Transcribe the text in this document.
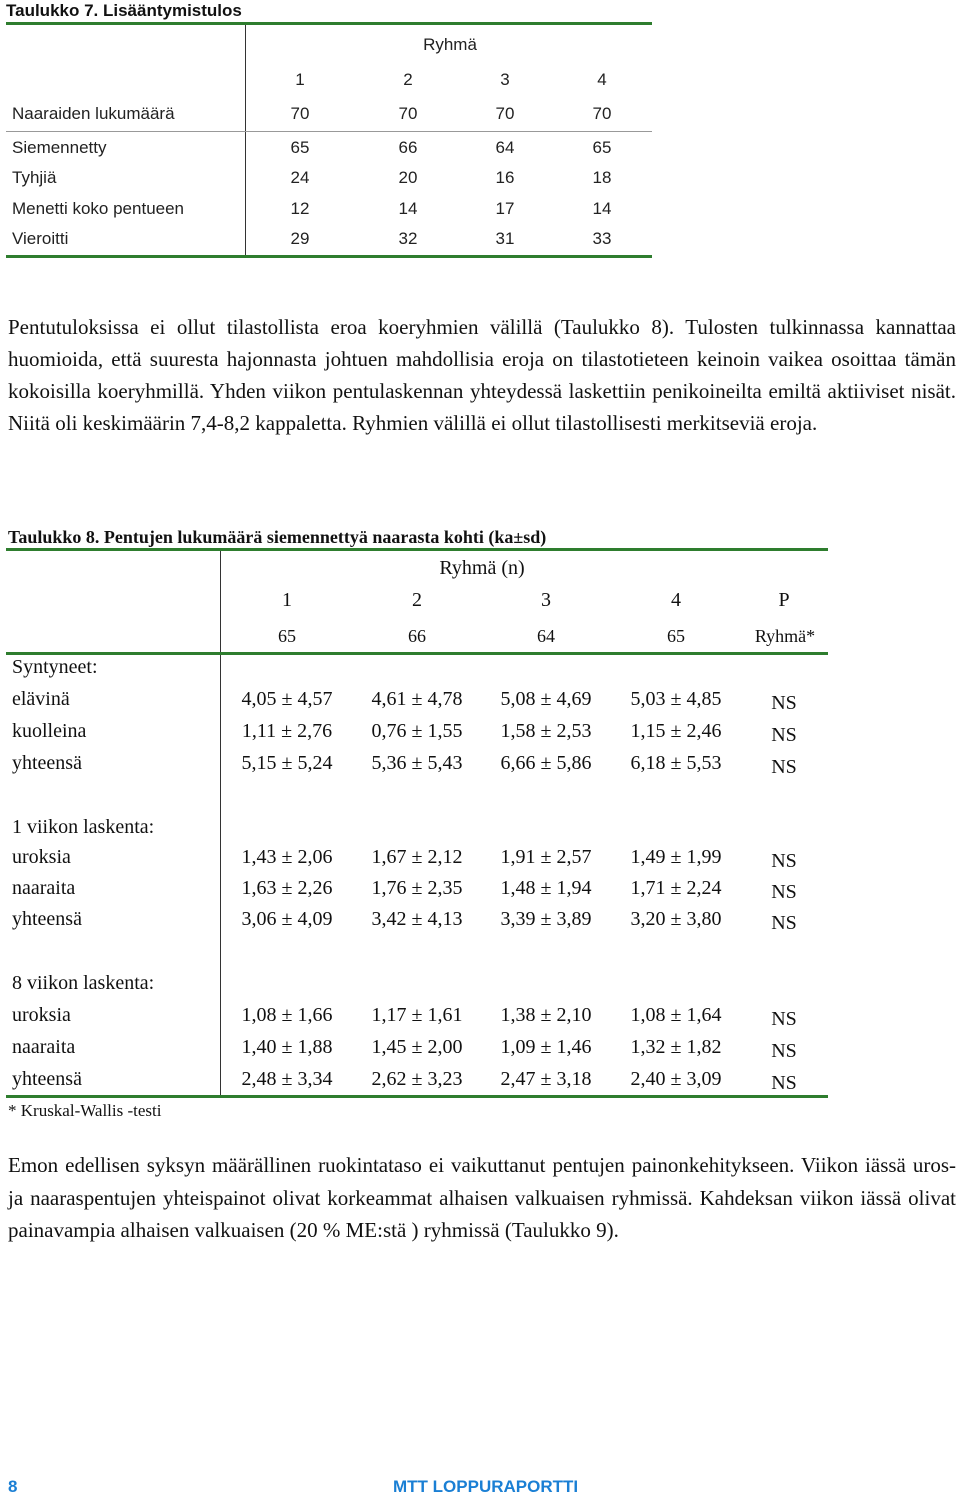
Taulukko 7. Lisääntymistulos
Ryhmä
1	2	3	4
Naaraiden lukumäärä	70	70	70	70
Siemennetty	65	66	64	65
Tyhjiä	24	20	16	18
Menetti koko pentueen	12	14	17	14
Vieroitti	29	32	31	33
Pentutuloksissa ei ollut tilastollista eroa koeryhmien välillä (Taulukko 8). Tulosten tulkinnassa kannattaa huomioida, että suuresta hajonnasta johtuen mahdollisia eroja on tilastotieteen keinoin vaikea osoittaa tämän kokoisilla koeryhmillä. Yhden viikon pentulaskennan yhteydessä laskettiin penikoineilta emiltä aktiiviset nisät. Niitä oli keskimäärin 7,4-8,2 kappaletta. Ryhmien välillä ei ollut tilastollisesti merkitseviä eroja.
Taulukko 8. Pentujen lukumäärä siemennettyä naarasta kohti (ka±sd)
Ryhmä (n)
1	2	3	4	P
65	66	64	65	Ryhmä*
Syntyneet:
elävinä	4,05 ± 4,57	4,61 ± 4,78	5,08 ± 4,69	5,03 ± 4,85	NS
kuolleina	1,11 ± 2,76	0,76 ± 1,55	1,58 ± 2,53	1,15 ± 2,46	NS
yhteensä	5,15 ± 5,24	5,36 ± 5,43	6,66 ± 5,86	6,18 ± 5,53	NS
1 viikon laskenta:
uroksia	1,43 ± 2,06	1,67 ± 2,12	1,91 ± 2,57	1,49 ± 1,99	NS
naaraita	1,63 ± 2,26	1,76 ± 2,35	1,48 ± 1,94	1,71 ± 2,24	NS
yhteensä	3,06 ± 4,09	3,42 ± 4,13	3,39 ± 3,89	3,20 ± 3,80	NS
8 viikon laskenta:
uroksia	1,08 ± 1,66	1,17 ± 1,61	1,38 ± 2,10	1,08 ± 1,64	NS
naaraita	1,40 ± 1,88	1,45 ± 2,00	1,09 ± 1,46	1,32 ± 1,82	NS
yhteensä	2,48 ± 3,34	2,62 ± 3,23	2,47 ± 3,18	2,40 ± 3,09	NS
* Kruskal-Wallis -testi
Emon edellisen syksyn määrällinen ruokintataso ei vaikuttanut pentujen painonkehitykseen. Viikon iässä uros- ja naaraspentujen yhteispainot olivat korkeammat alhaisen valkuaisen ryhmissä. Kahdeksan viikon iässä olivat painavampia alhaisen valkuaisen (20 % ME:stä ) ryhmissä (Taulukko 9).
8	MTT LOPPURAPORTTI
